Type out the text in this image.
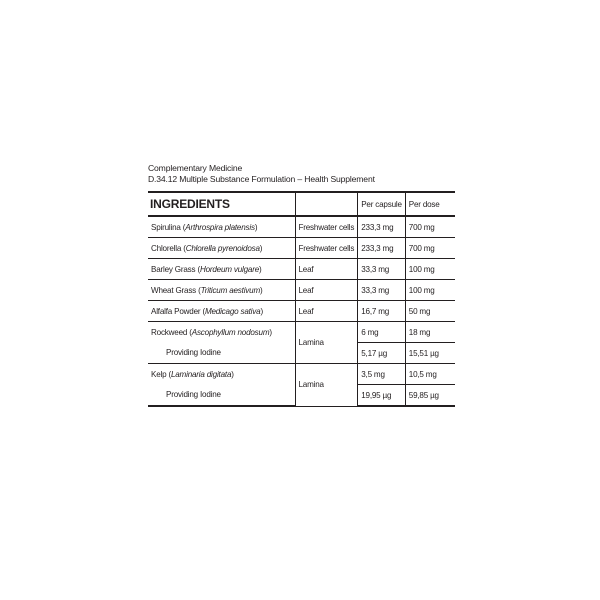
Complementary Medicine
D.34.12 Multiple Substance Formulation – Health Supplement
INGREDIENTS		Per capsule	Per dose
Spirulina (Arthrospira platensis)	Freshwater cells	233,3 mg	700 mg
Chlorella (Chlorella pyrenoidosa)	Freshwater cells	233,3 mg	700 mg
Barley Grass (Hordeum vulgare)	Leaf	33,3 mg	100 mg
Wheat Grass (Triticum aestivum)	Leaf	33,3 mg	100 mg
Alfalfa Powder (Medicago sativa)	Leaf	16,7 mg	50 mg
Rockweed (Ascophyllum nodosum)	Lamina	6 mg	18 mg
Providing Iodine		5,17 µg	15,51 µg
Kelp (Laminaria digitata)	Lamina	3,5 mg	10,5 mg
Providing Iodine		19,95 µg	59,85 µg
